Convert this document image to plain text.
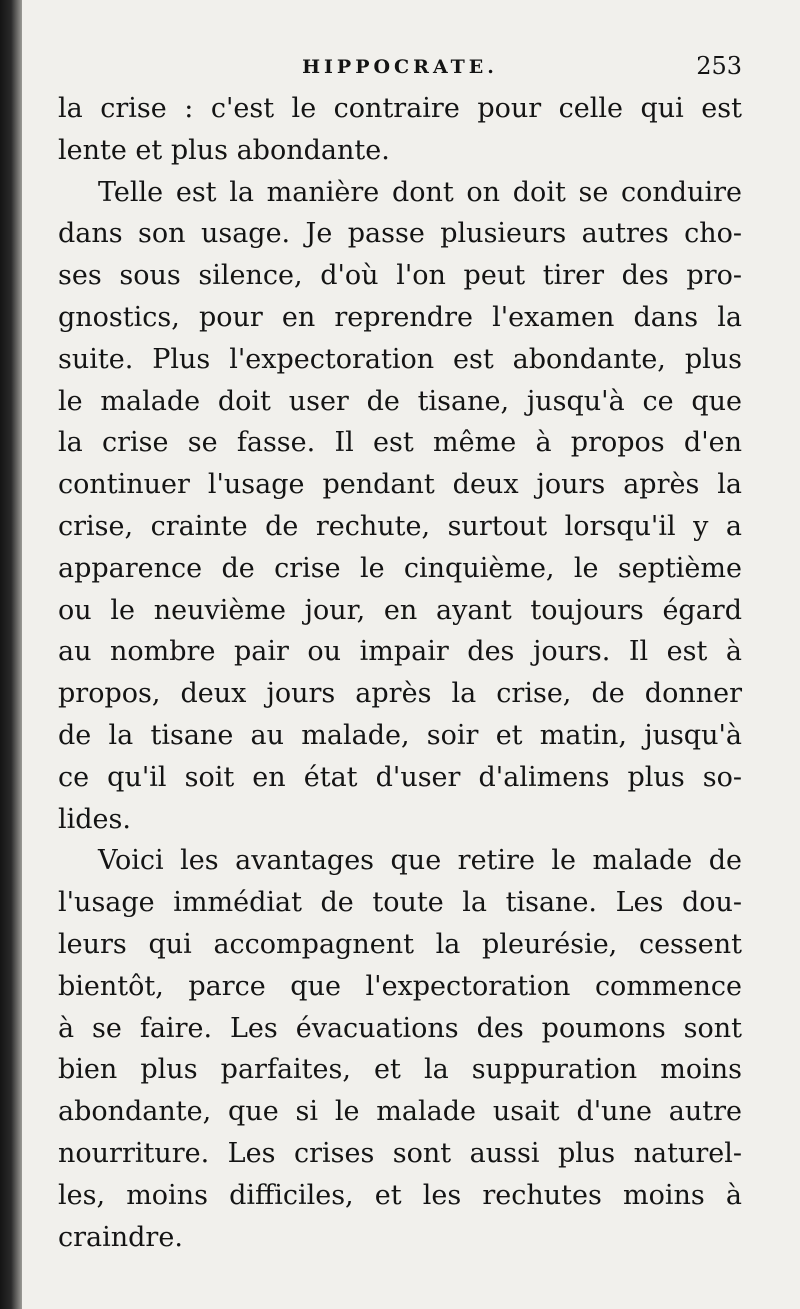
HIPPOCRATE.	253
la crise : c'est le contraire pour celle qui est
lente et plus abondante.
Telle est la manière dont on doit se conduire
dans son usage. Je passe plusieurs autres cho-
ses sous silence, d'où l'on peut tirer des pro-
gnostics, pour en reprendre l'examen dans la
suite. Plus l'expectoration est abondante, plus
le malade doit user de tisane, jusqu'à ce que
la crise se fasse. Il est même à propos d'en
continuer l'usage pendant deux jours après la
crise, crainte de rechute, surtout lorsqu'il y a
apparence de crise le cinquième, le septième
ou le neuvième jour, en ayant toujours égard
au nombre pair ou impair des jours. Il est à
propos, deux jours après la crise, de donner
de la tisane au malade, soir et matin, jusqu'à
ce qu'il soit en état d'user d'alimens plus so-
lides.
Voici les avantages que retire le malade de
l'usage immédiat de toute la tisane. Les dou-
leurs qui accompagnent la pleurésie, cessent
bientôt, parce que l'expectoration commence
à se faire. Les évacuations des poumons sont
bien plus parfaites, et la suppuration moins
abondante, que si le malade usait d'une autre
nourriture. Les crises sont aussi plus naturel-
les, moins difficiles, et les rechutes moins à
craindre.
